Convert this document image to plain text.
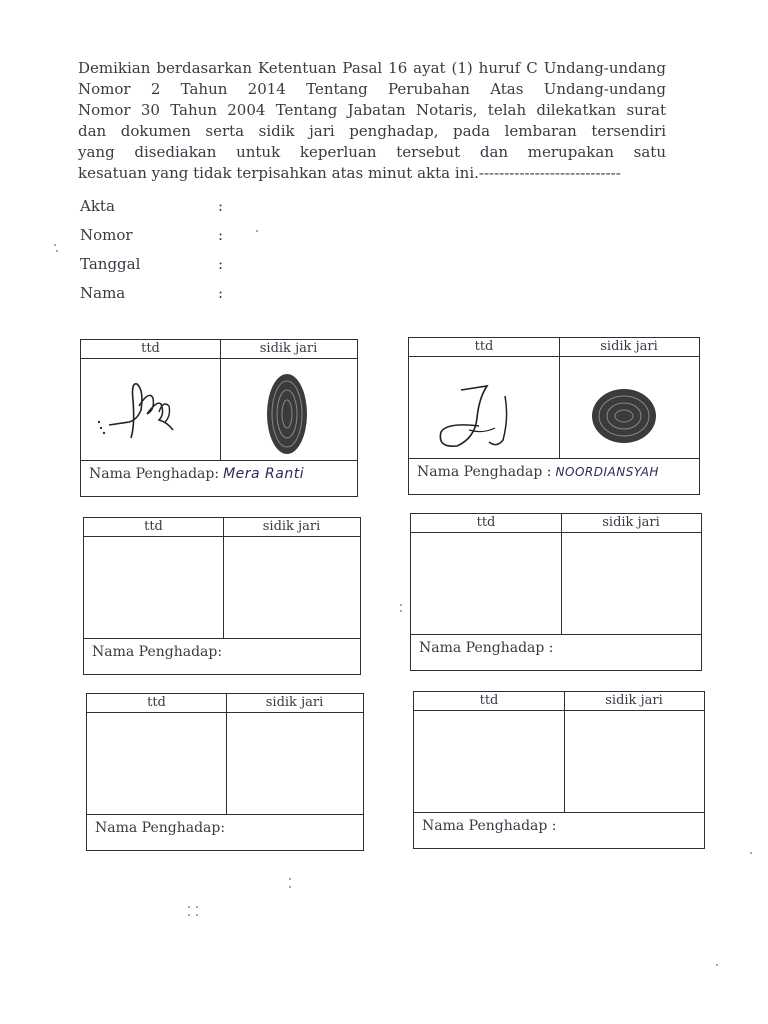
Demikian berdasarkan Ketentuan Pasal 16 ayat (1) huruf C Undang-undang
Nomor 2 Tahun 2014 Tentang Perubahan Atas Undang-undang
Nomor 30 Tahun 2004 Tentang Jabatan Notaris, telah dilekatkan surat
dan dokumen serta sidik jari penghadap, pada lembaran tersendiri
yang disediakan untuk keperluan tersebut dan merupakan satu
kesatuan yang tidak terpisahkan atas minut akta ini.----------------------------
Akta	:
Nomor	:
Tanggal	:
Nama	:
ttd	sidik jari
Nama Penghadap: Mera Ranti
ttd	sidik jari
Nama Penghadap : NOORDIANSYAH
ttd	sidik jari
Nama Penghadap:
ttd	sidik jari
Nama Penghadap :
ttd	sidik jari
Nama Penghadap:
ttd	sidik jari
Nama Penghadap :
